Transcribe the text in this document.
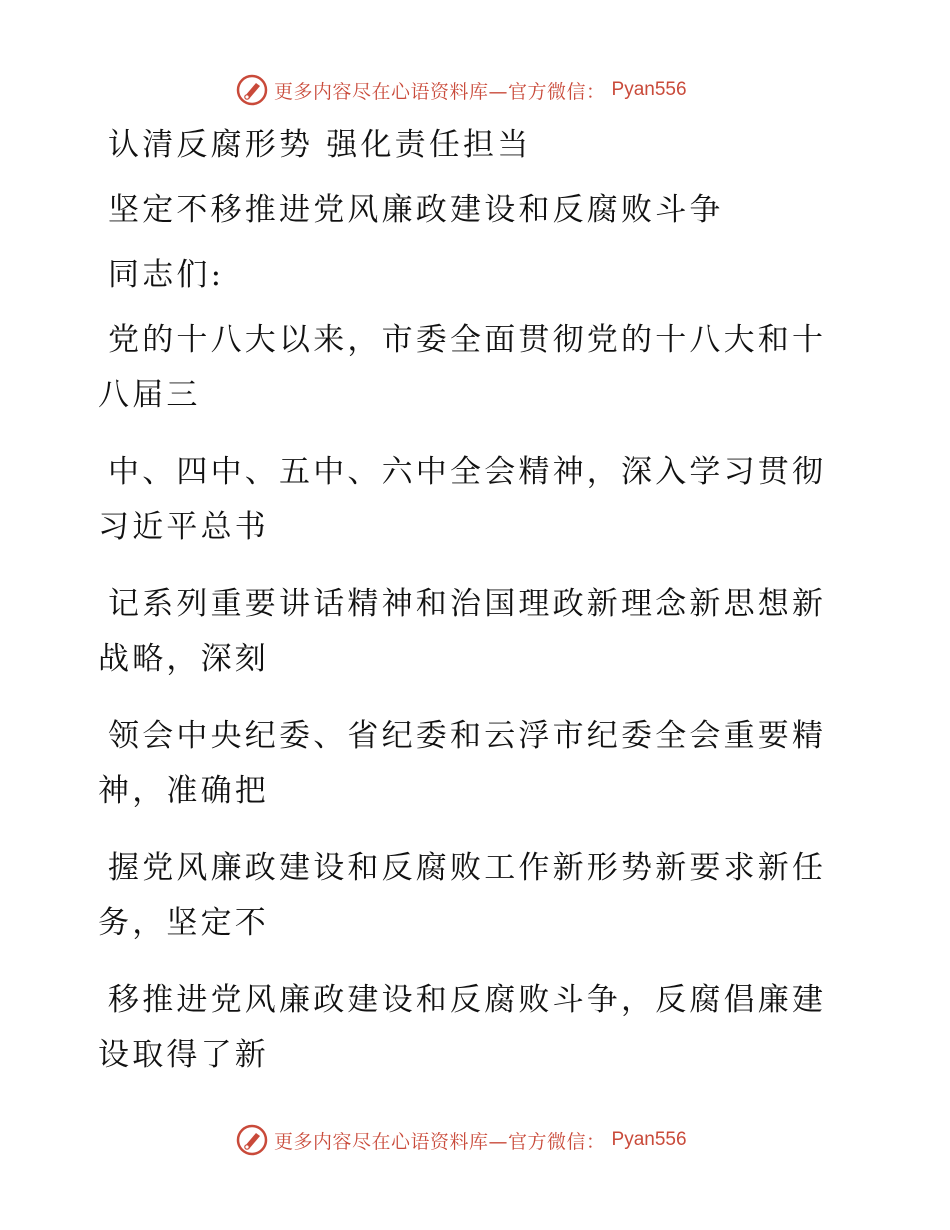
更多内容尽在心语资料库—官方微信： Pyan556

认清反腐形势 强化责任担当

坚定不移推进党风廉政建设和反腐败斗争

同志们:

党的十八大以来，市委全面贯彻党的十八大和十

八届三

中、四中、五中、六中全会精神，深入学习贯彻

习近平总书

记系列重要讲话精神和治国理政新理念新思想新

战略，深刻

领会中央纪委、省纪委和云浮市纪委全会重要精

神，准确把

握党风廉政建设和反腐败工作新形势新要求新任

务，坚定不

移推进党风廉政建设和反腐败斗争，反腐倡廉建

设取得了新

更多内容尽在心语资料库—官方微信： Pyan556
